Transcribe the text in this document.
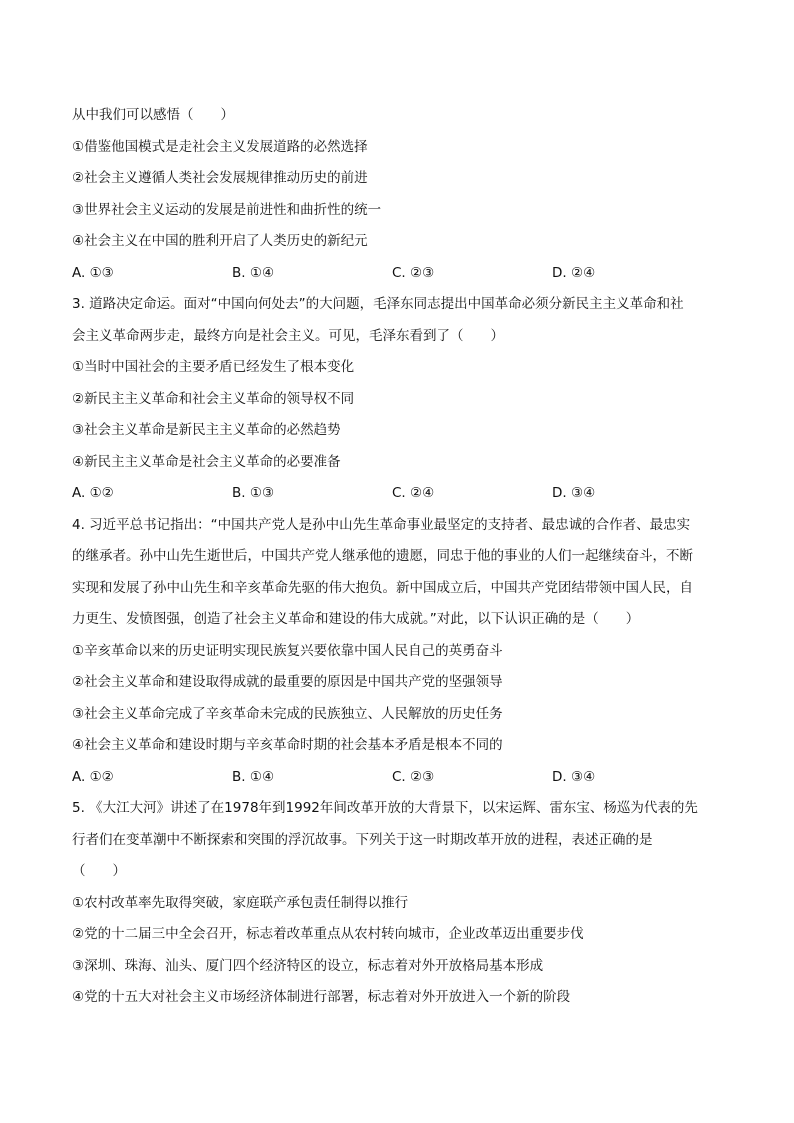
从中我们可以感悟（　　）
①借鉴他国模式是走社会主义发展道路的必然选择
②社会主义遵循人类社会发展规律推动历史的前进
③世界社会主义运动的发展是前进性和曲折性的统一
④社会主义在中国的胜利开启了人类历史的新纪元
A. ①③	B. ①④	C. ②③	D. ②④
3. 道路决定命运。面对“中国向何处去”的大问题，毛泽东同志提出中国革命必须分新民主主义革命和社
会主义革命两步走，最终方向是社会主义。可见，毛泽东看到了（　　）
①当时中国社会的主要矛盾已经发生了根本变化
②新民主主义革命和社会主义革命的领导权不同
③社会主义革命是新民主主义革命的必然趋势
④新民主主义革命是社会主义革命的必要准备
A. ①②	B. ①③	C. ②④	D. ③④
4. 习近平总书记指出：“中国共产党人是孙中山先生革命事业最坚定的支持者、最忠诚的合作者、最忠实
的继承者。孙中山先生逝世后，中国共产党人继承他的遗愿，同忠于他的事业的人们一起继续奋斗，不断
实现和发展了孙中山先生和辛亥革命先驱的伟大抱负。新中国成立后，中国共产党团结带领中国人民，自
力更生、发愤图强，创造了社会主义革命和建设的伟大成就。”对此，以下认识正确的是（　　）
①辛亥革命以来的历史证明实现民族复兴要依靠中国人民自己的英勇奋斗
②社会主义革命和建设取得成就的最重要的原因是中国共产党的坚强领导
③社会主义革命完成了辛亥革命未完成的民族独立、人民解放的历史任务
④社会主义革命和建设时期与辛亥革命时期的社会基本矛盾是根本不同的
A. ①②	B. ①④	C. ②③	D. ③④
5. 《大江大河》讲述了在1978年到1992年间改革开放的大背景下，以宋运辉、雷东宝、杨巡为代表的先
行者们在变革潮中不断探索和突围的浮沉故事。下列关于这一时期改革开放的进程，表述正确的是
（　　）
①农村改革率先取得突破，家庭联产承包责任制得以推行
②党的十二届三中全会召开，标志着改革重点从农村转向城市，企业改革迈出重要步伐
③深圳、珠海、汕头、厦门四个经济特区的设立，标志着对外开放格局基本形成
④党的十五大对社会主义市场经济体制进行部署，标志着对外开放进入一个新的阶段
